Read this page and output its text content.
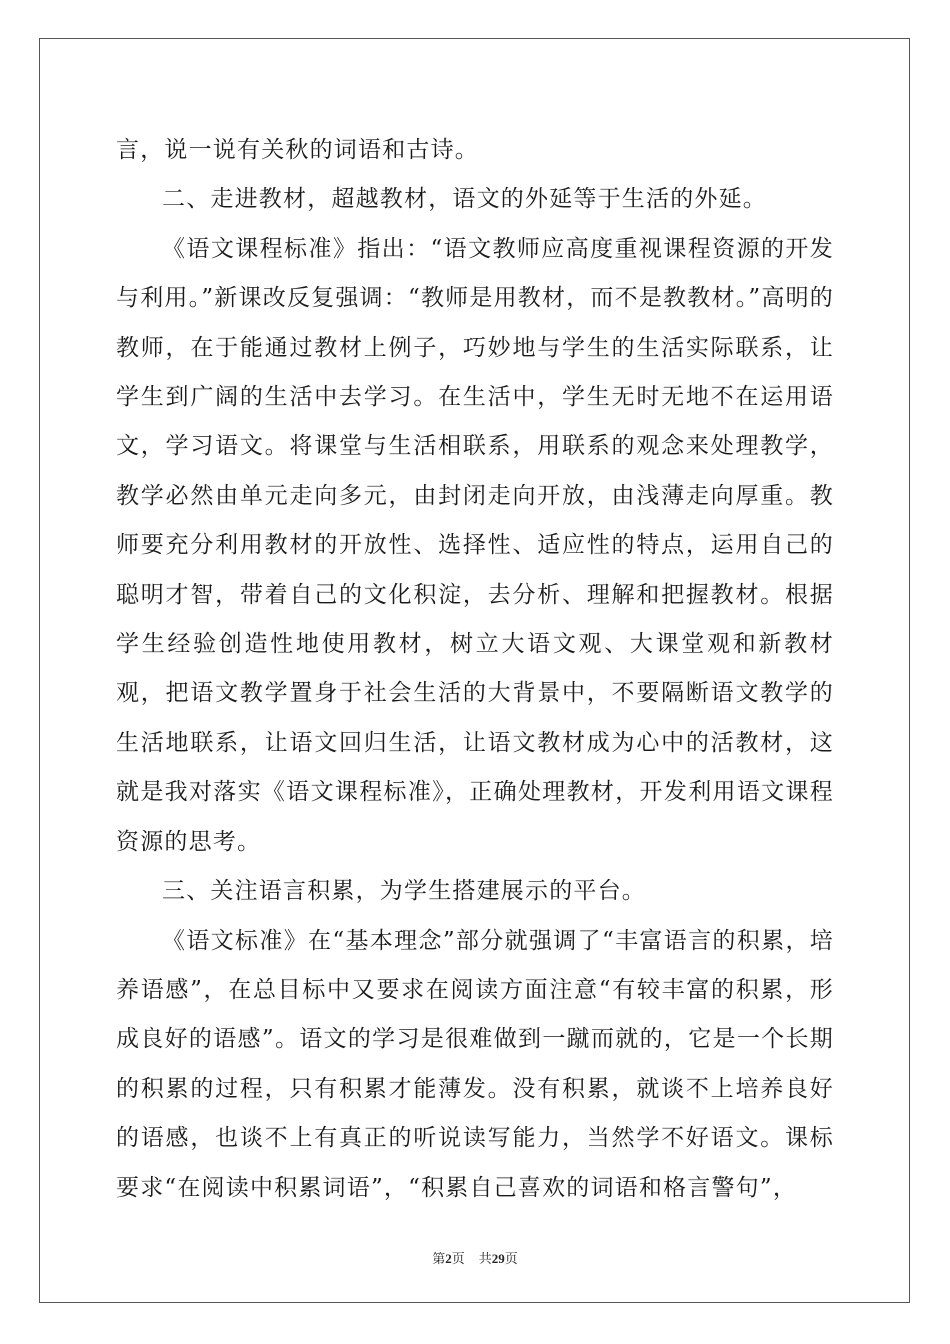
言，说一说有关秋的词语和古诗。

二、走进教材，超越教材，语文的外延等于生活的外延。

《语文课程标准》指出：“语文教师应高度重视课程资源的开发与利用。”新课改反复强调：“教师是用教材，而不是教教材。”高明的教师，在于能通过教材上例子，巧妙地与学生的生活实际联系，让学生到广阔的生活中去学习。在生活中，学生无时无地不在运用语文，学习语文。将课堂与生活相联系，用联系的观念来处理教学，教学必然由单元走向多元，由封闭走向开放，由浅薄走向厚重。教师要充分利用教材的开放性、选择性、适应性的特点，运用自己的聪明才智，带着自己的文化积淀，去分析、理解和把握教材。根据学生经验创造性地使用教材，树立大语文观、大课堂观和新教材观，把语文教学置身于社会生活的大背景中，不要隔断语文教学的生活地联系，让语文回归生活，让语文教材成为心中的活教材，这就是我对落实《语文课程标准》，正确处理教材，开发利用语文课程资源的思考。

三、关注语言积累，为学生搭建展示的平台。

《语文标准》在“基本理念”部分就强调了“丰富语言的积累，培养语感”，在总目标中又要求在阅读方面注意“有较丰富的积累，形成良好的语感”。语文的学习是很难做到一蹴而就的，它是一个长期的积累的过程，只有积累才能薄发。没有积累，就谈不上培养良好的语感，也谈不上有真正的听说读写能力，当然学不好语文。课标要求“在阅读中积累词语”，“积累自己喜欢的词语和格言警句”，

第2页 共29页
